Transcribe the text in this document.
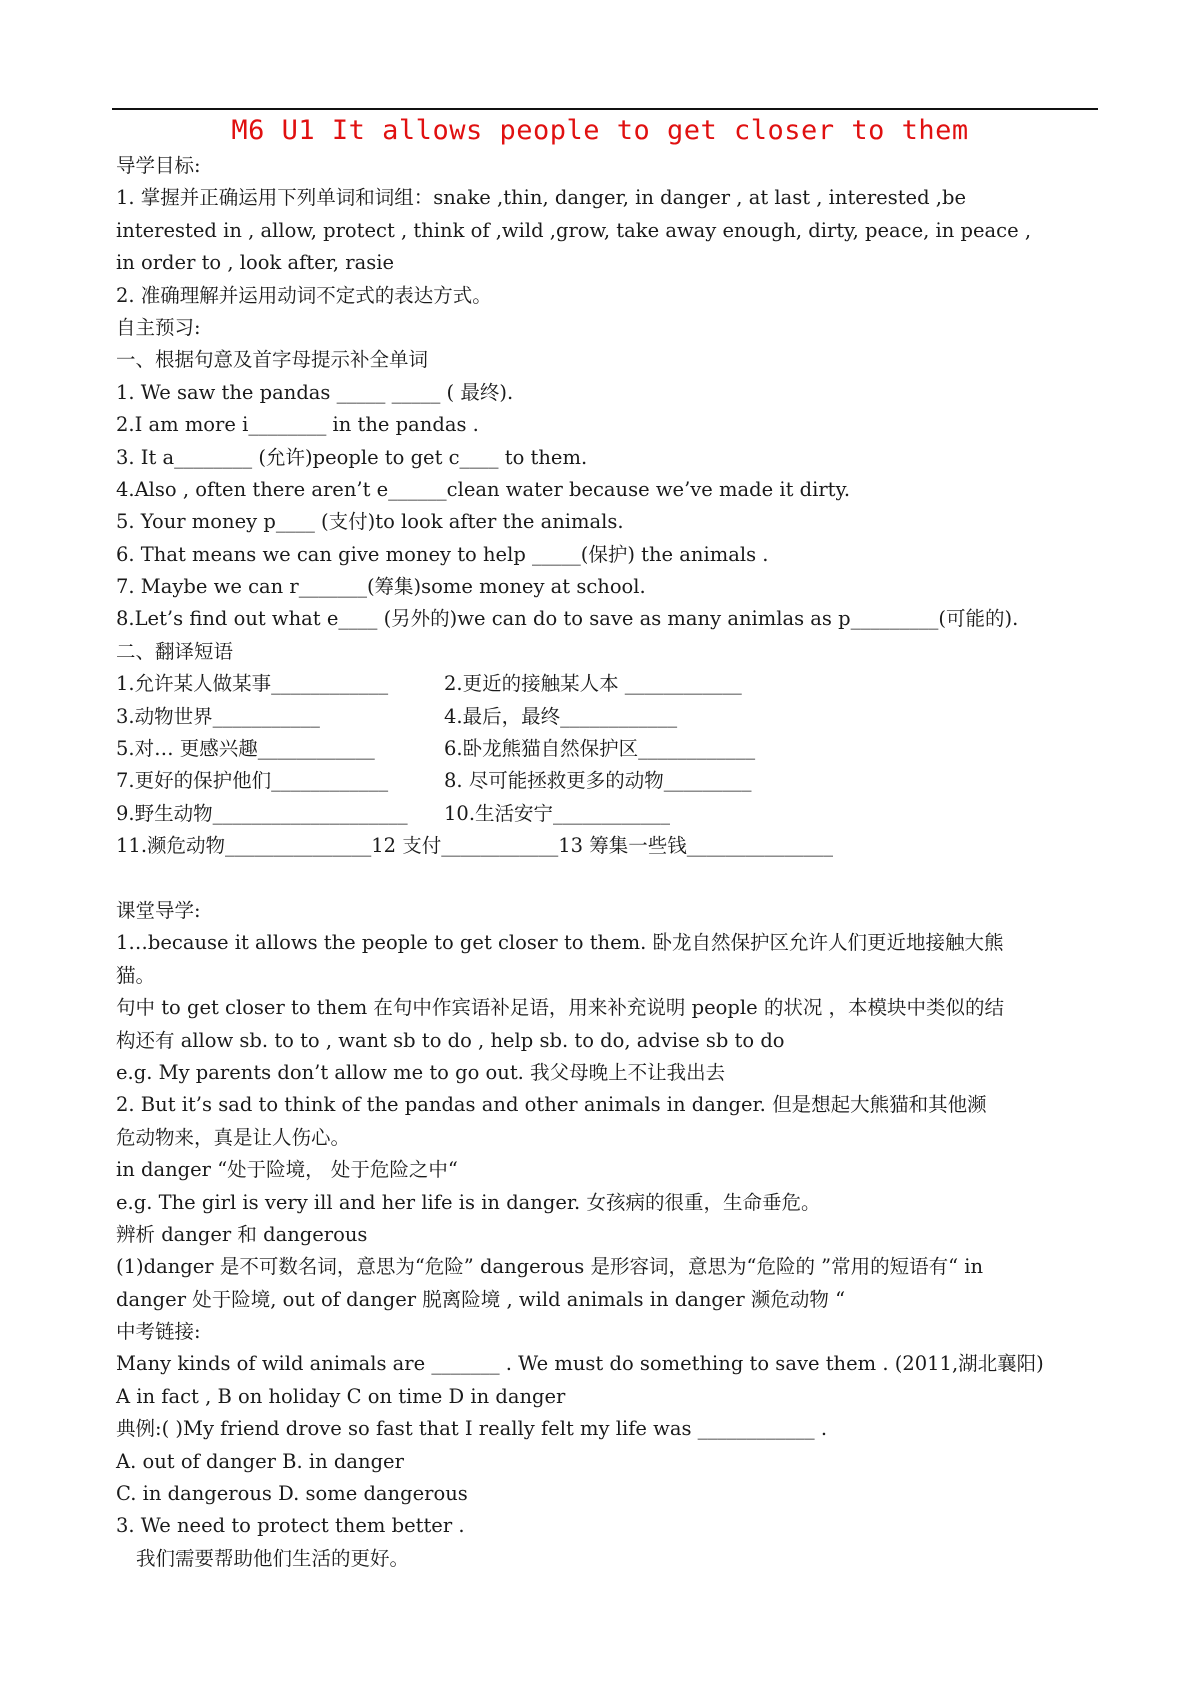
M6 U1 It allows people to get closer to them
导学目标:
1. 掌握并正确运用下列单词和词组：snake ,thin, danger, in danger , at last , interested ,be
interested in , allow, protect , think of ,wild ,grow, take away enough, dirty, peace, in peace ,
in order to , look after, rasie
2. 准确理解并运用动词不定式的表达方式。
自主预习:
一、根据句意及首字母提示补全单词
1. We saw the pandas _____ _____ ( 最终).
2.I am more i________ in the pandas .
3. It a________ (允许)people to get c____ to them.
4.Also , often there aren’t e______clean water because we’ve made it dirty.
5. Your money p____ (支付)to look after the animals.
6. That means we can give money to help _____(保护) the animals .
7. Maybe we can r_______(筹集)some money at school.
8.Let’s find out what e____ (另外的)we can do to save as many animlas as p_________(可能的).
二、翻译短语
1.允许某人做某事____________	2.更近的接触某人本 ____________
3.动物世界___________	4.最后，最终____________
5.对… 更感兴趣____________	6.卧龙熊猫自然保护区____________
7.更好的保护他们____________	8. 尽可能拯救更多的动物_________
9.野生动物____________________	10.生活安宁____________
11.濒危动物_______________12 支付____________13 筹集一些钱_______________
课堂导学:
1…because it allows the people to get closer to them. 卧龙自然保护区允许人们更近地接触大熊
猫。
句中 to get closer to them 在句中作宾语补足语，用来补充说明 people 的状况 ，本模块中类似的结
构还有 allow sb. to to , want sb to do , help sb. to do, advise sb to do
e.g. My parents don’t allow me to go out. 我父母晚上不让我出去
2. But it’s sad to think of the pandas and other animals in danger. 但是想起大熊猫和其他濒
危动物来，真是让人伤心。
in danger “处于险境， 处于危险之中“
e.g. The girl is very ill and her life is in danger. 女孩病的很重，生命垂危。
辨析 danger 和 dangerous
(1)danger 是不可数名词，意思为“危险” dangerous 是形容词，意思为“危险的 ”常用的短语有“ in
danger 处于险境, out of danger 脱离险境 , wild animals in danger 濒危动物 “
中考链接:
Many kinds of wild animals are _______ . We must do something to save them . (2011,湖北襄阳)
A in fact , B on holiday C on time D in danger
典例:( )My friend drove so fast that I really felt my life was ____________ .
A. out of danger B. in danger
C. in dangerous D. some dangerous
3. We need to protect them better .
我们需要帮助他们生活的更好。
